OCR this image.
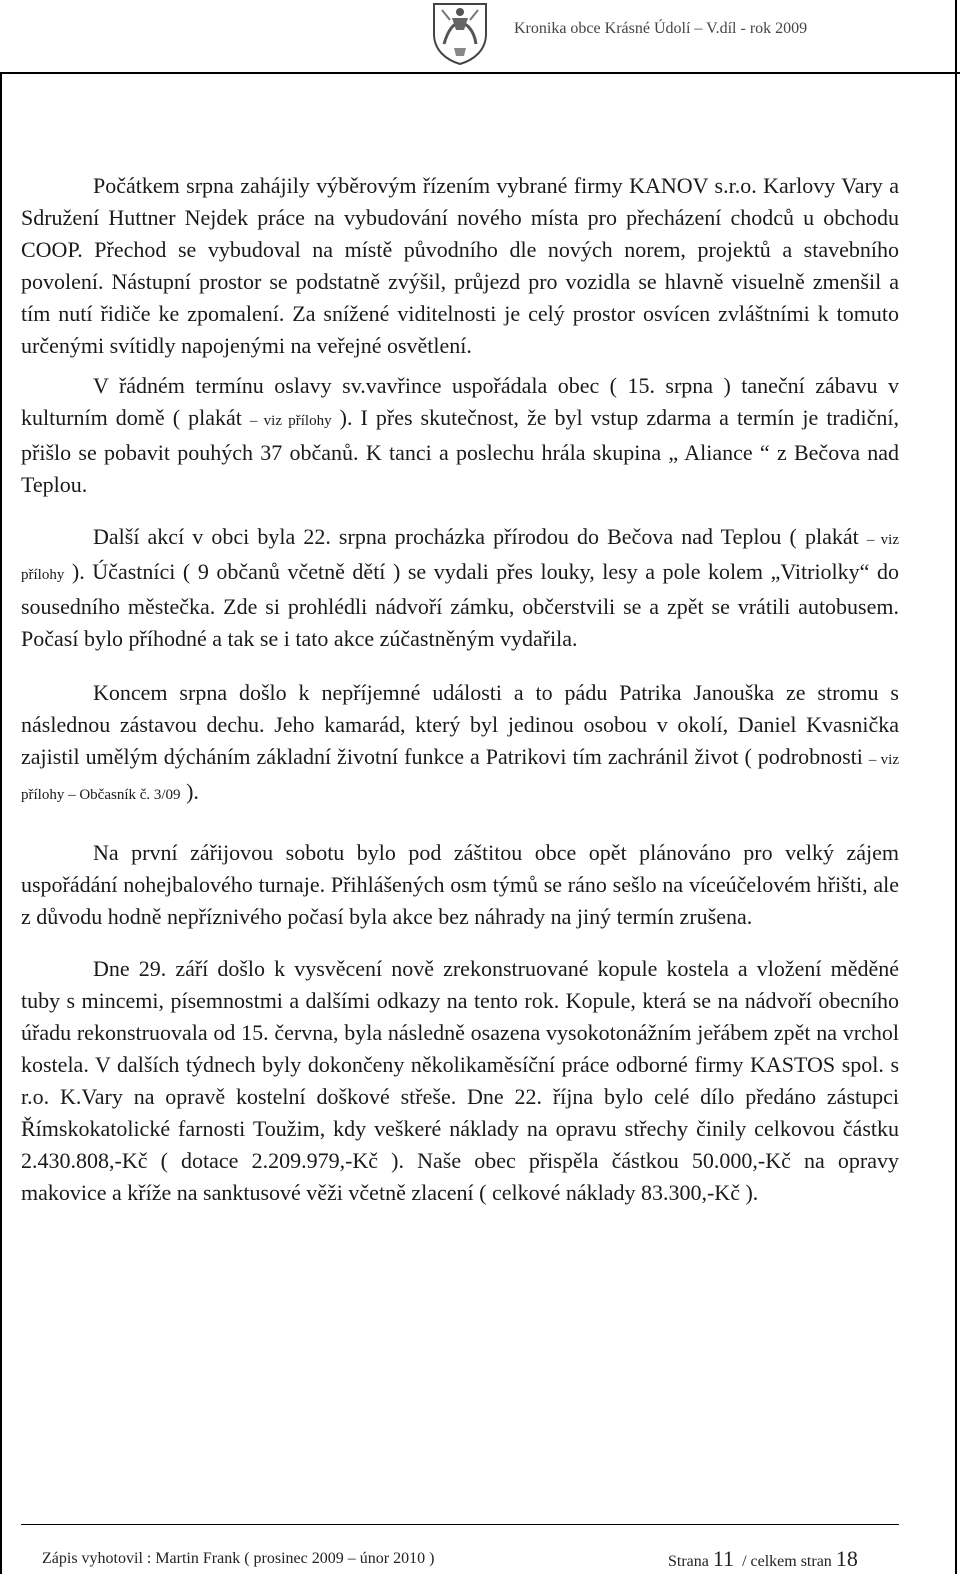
Kronika obce Krásné Údolí – V.díl - rok 2009

Počátkem srpna zahájily výběrovým řízením vybrané firmy KANOV s.r.o. Karlovy Vary a Sdružení Huttner Nejdek práce na vybudování nového místa pro přecházení chodců u obchodu COOP. Přechod se vybudoval na místě původního dle nových norem, projektů a stavebního povolení. Nástupní prostor se podstatně zvýšil, průjezd pro vozidla se hlavně visuelně zmenšil a tím nutí řidiče ke zpomalení. Za snížené viditelnosti je celý prostor osvícen zvláštními k tomuto určenými svítidly napojenými na veřejné osvětlení.

V řádném termínu oslavy sv.vavřince uspořádala obec ( 15. srpna ) taneční zábavu v kulturním domě ( plakát – viz přílohy ). I přes skutečnost, že byl vstup zdarma a termín je tradiční, přišlo se pobavit pouhých 37 občanů. K tanci a poslechu hrála skupina „ Aliance “ z Bečova nad Teplou.

Další akcí v obci byla 22. srpna procházka přírodou do Bečova nad Teplou ( plakát – viz přílohy ). Účastníci ( 9 občanů včetně dětí ) se vydali přes louky, lesy a pole kolem „Vitriolky“ do sousedního městečka. Zde si prohlédli nádvoří zámku, občerstvili se a zpět se vrátili autobusem. Počasí bylo příhodné a tak se i tato akce zúčastněným vydařila.

Koncem srpna došlo k nepříjemné události a to pádu Patrika Janouška ze stromu s následnou zástavou dechu. Jeho kamarád, který byl jedinou osobou v okolí, Daniel Kvasnička zajistil umělým dýcháním základní životní funkce a Patrikovi tím zachránil život ( podrobnosti – viz přílohy – Občasník č. 3/09 ).

Na první zářijovou sobotu bylo pod záštitou obce opět plánováno pro velký zájem uspořádání nohejbalového turnaje. Přihlášených osm týmů se ráno sešlo na víceúčelovém hřišti, ale z důvodu hodně nepříznivého počasí byla akce bez náhrady na jiný termín zrušena.

Dne 29. září došlo k vysvěcení nově zrekonstruované kopule kostela a vložení měděné tuby s mincemi, písemnostmi a dalšími odkazy na tento rok. Kopule, která se na nádvoří obecního úřadu rekonstruovala od 15. června, byla následně osazena vysokotonážním jeřábem zpět na vrchol kostela. V dalších týdnech byly dokončeny několikaměsíční práce odborné firmy KASTOS spol. s r.o. K.Vary na opravě kostelní doškové střeše. Dne 22. října bylo celé dílo předáno zástupci Římskokatolické farnosti Toužim, kdy veškeré náklady na opravu střechy činily celkovou částku 2.430.808,-Kč ( dotace 2.209.979,-Kč ). Naše obec přispěla částkou 50.000,-Kč na opravy makovice a kříže na sanktusové věži včetně zlacení ( celkové náklady 83.300,-Kč ).

Zápis vyhotovil : Martin Frank ( prosinec 2009 – únor 2010 )	Strana 11 / celkem stran 18
